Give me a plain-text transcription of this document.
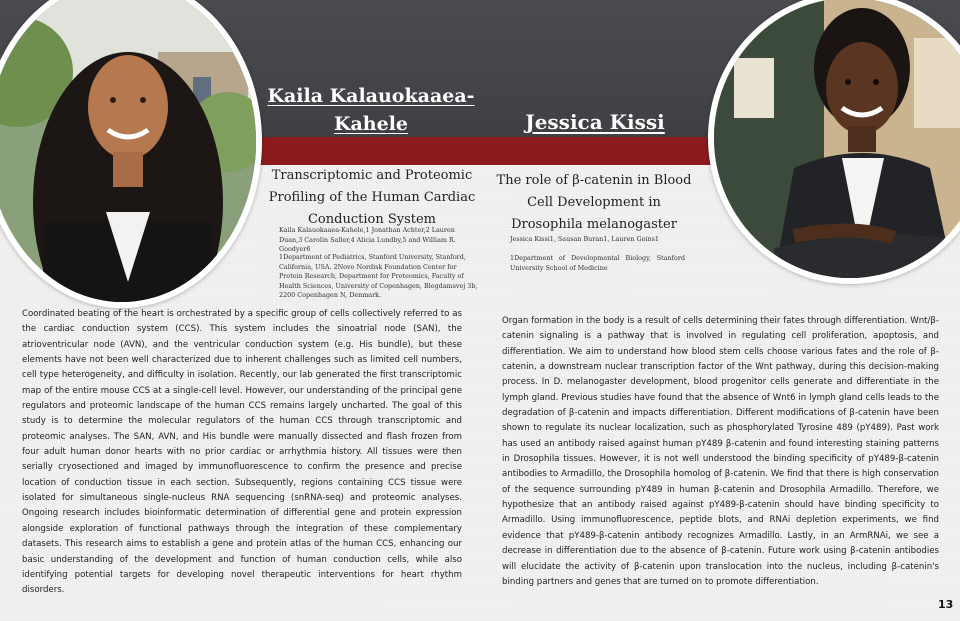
Kaila Kalauokaaea-Kahele	Jessica Kissi
Transcriptomic and Proteomic Profiling of the Human Cardiac Conduction System
The role of β-catenin in Blood Cell Development in Drosophila melanogaster
Kaila Kalauokaaea-Kahele,1 Jonathan Achter,2 Lauren Duan,3 Carolin Saller,4 Alicia Lundby,5 and William R. Goodyer6
1Department of Pediatrics, Stanford University, Stanford, California, USA. 2Novo Nordisk Foundation Center for Protein Research, Department for Proteomics, Faculty of Health Sciences, University of Copenhagen, Blegdamsvej 3b, 2200 Copenhagen N, Denmark.
Jessica Kissi1, Sausan Buran1, Lauren Goins1
1Department of Developmental Biology, Stanford University School of Medicine
Coordinated beating of the heart is orchestrated by a specific group of cells collectively referred to as the cardiac conduction system (CCS). This system includes the sinoatrial node (SAN), the atrioventricular node (AVN), and the ventricular conduction system (e.g. His bundle), but these elements have not been well characterized due to inherent challenges such as limited cell numbers, cell type heterogeneity, and difficulty in isolation. Recently, our lab generated the first transcriptomic map of the entire mouse CCS at a single-cell level. However, our understanding of the principal gene regulators and proteomic landscape of the human CCS remains largely uncharted. The goal of this study is to determine the molecular regulators of the human CCS through transcriptomic and proteomic analyses. The SAN, AVN, and His bundle were manually dissected and flash frozen from four adult human donor hearts with no prior cardiac or arrhythmia history. All tissues were then serially cryosectioned and imaged by immunofluorescence to confirm the presence and precise location of conduction tissue in each section. Subsequently, regions containing CCS tissue were isolated for simultaneous single-nucleus RNA sequencing (snRNA-seq) and proteomic analyses. Ongoing research includes bioinformatic determination of differential gene and protein expression alongside exploration of functional pathways through the integration of these complementary datasets. This research aims to establish a gene and protein atlas of the human CCS, enhancing our basic understanding of the development and function of human conduction cells, while also identifying potential targets for developing novel therapeutic interventions for heart rhythm disorders.
Organ formation in the body is a result of cells determining their fates through differentiation. Wnt/β-catenin signaling is a pathway that is involved in regulating cell proliferation, apoptosis, and differentiation. We aim to understand how blood stem cells choose various fates and the role of β-catenin, a downstream nuclear transcription factor of the Wnt pathway, during this decision-making process. In D. melanogaster development, blood progenitor cells generate and differentiate in the lymph gland. Previous studies have found that the absence of Wnt6 in lymph gland cells leads to the degradation of β-catenin and impacts differentiation. Different modifications of β-catenin have been shown to regulate its nuclear localization, such as phosphorylated Tyrosine 489 (pY489). Past work has used an antibody raised against human pY489 β-catenin and found interesting staining patterns in Drosophila tissues. However, it is not well understood the binding specificity of pY489-β-catenin antibodies to Armadillo, the Drosophila homolog of β-catenin. We find that there is high conservation of the sequence surrounding pY489 in human β-catenin and Drosophila Armadillo. Therefore, we hypothesize that an antibody raised against pY489-β-catenin should have binding specificity to Armadillo. Using immunofluorescence, peptide blots, and RNAi depletion experiments, we find evidence that pY489-β-catenin antibody recognizes Armadillo. Lastly, in an ArmRNAi, we see a decrease in differentiation due to the absence of β-catenin. Future work using β-catenin antibodies will elucidate the activity of β-catenin upon translocation into the nucleus, including β-catenin's binding partners and genes that are turned on to promote differentiation.
13
